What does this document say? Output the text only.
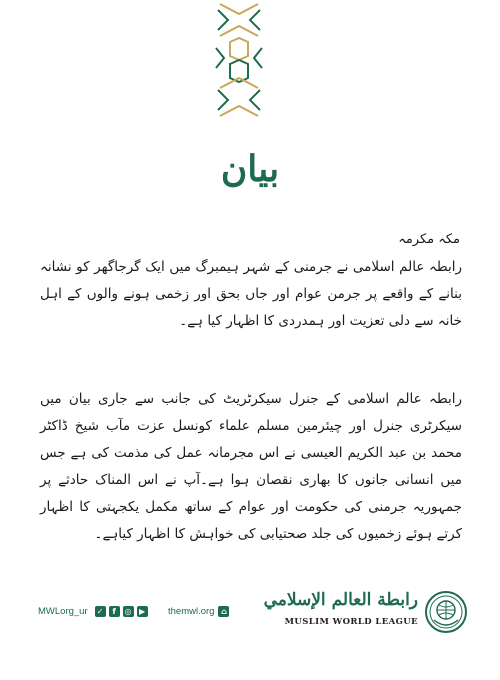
بیان
مکہ مکرمہ

رابطہ عالم اسلامی نے جرمنی کے شہر ہیمبرگ میں ایک گرجاگھر کو نشانہ بنانے کے واقعے پر جرمن عوام اور جاں بحق اور زخمی ہونے والوں کے اہل خانہ سے دلی تعزیت اور ہمدردی کا اظہار کیا ہے۔

رابطہ عالم اسلامی کے جنرل سیکرٹریٹ کی جانب سے جاری بیان میں سیکرٹری جنرل اور چیئرمین مسلم علماء کونسل عزت مآب شیخ ڈاکٹر محمد بن عبد الکریم العیسی نے اس مجرمانہ عمل کی مذمت کی ہے جس میں انسانی جانوں کا بھاری نقصان ہوا ہے۔آپ نے اس المناک حادثے پر جمہوریہ جرمنی کی حکومت اور عوام کے ساتھ مکمل یکجہتی کا اظہار کرتے ہوئے زخمیوں کی جلد صحتیابی کی خواہش کا اظہار کیاہے۔

MWLorg_ur ✓	f	◎ ▶ themwl.org ⌂
رابطة العالم الإسلامي
MUSLIM WORLD LEAGUE
